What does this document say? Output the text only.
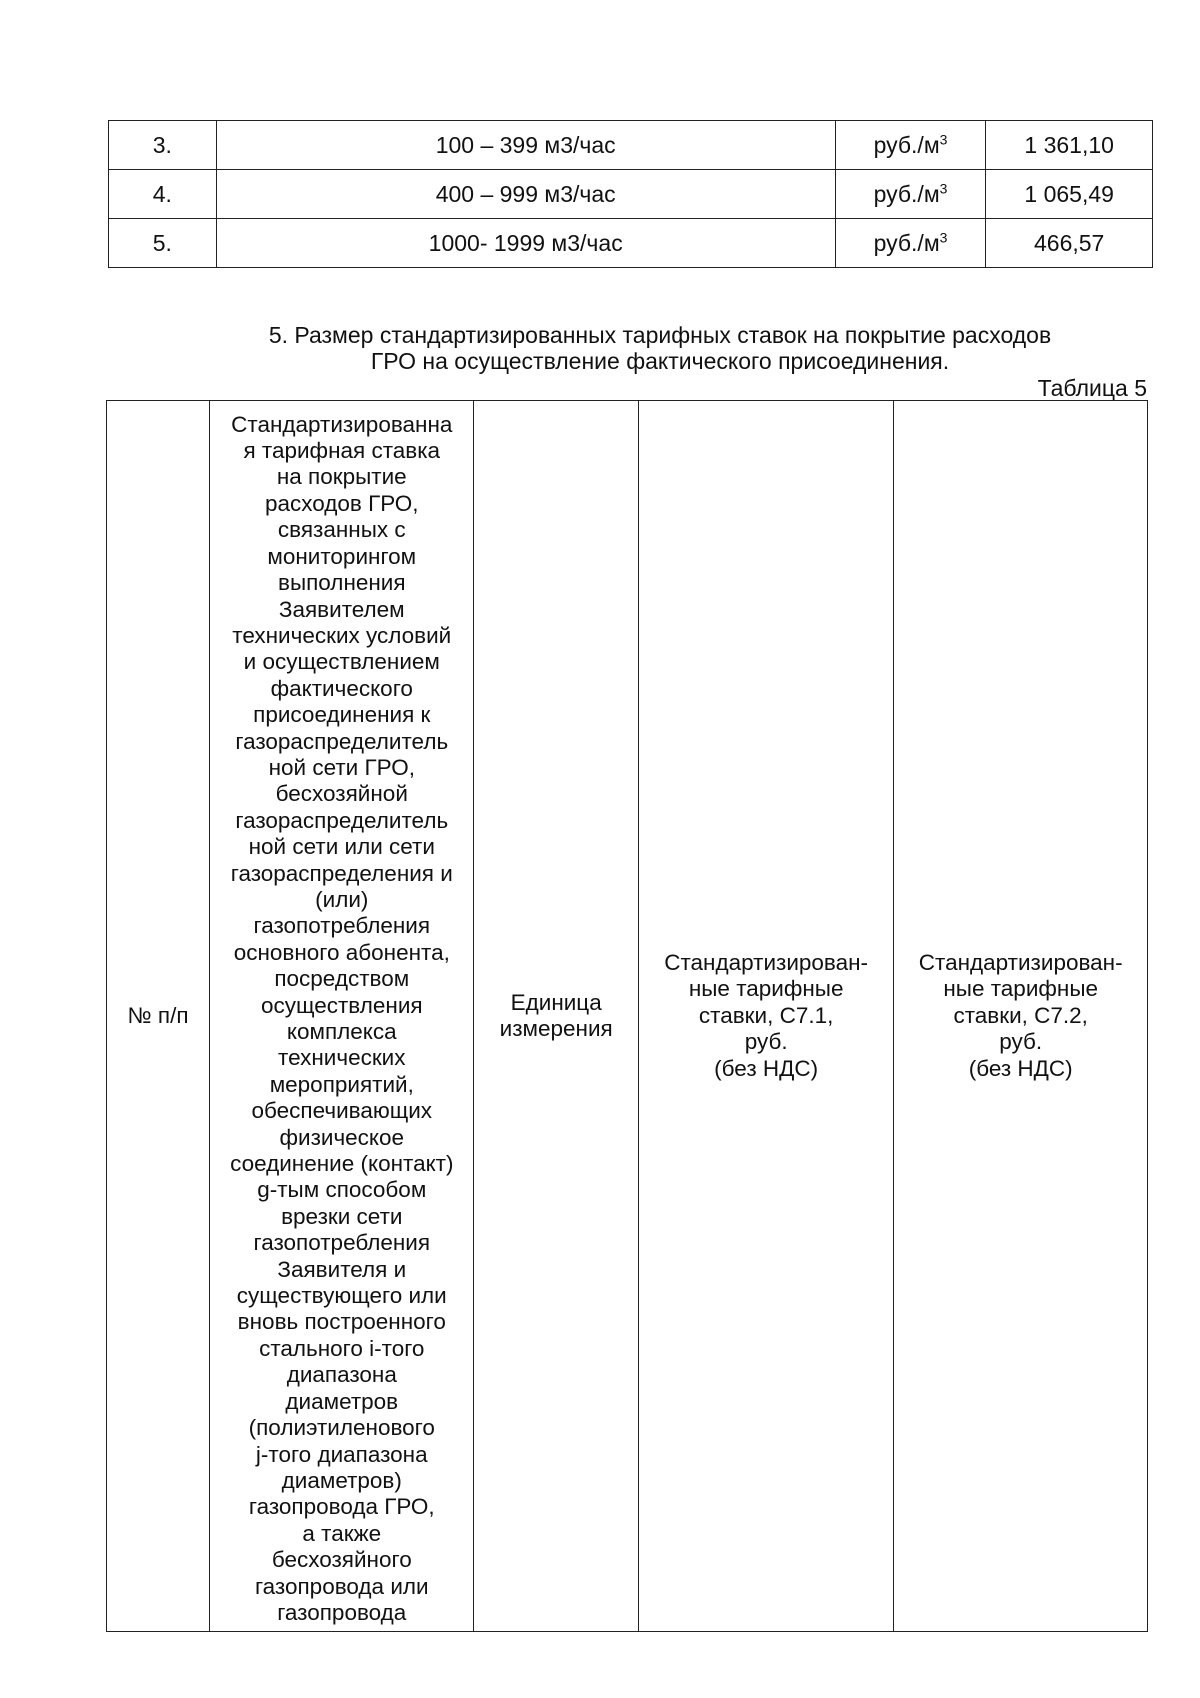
3.	100 – 399 м3/час	$руб./м^3$	1 361,10
4.	400 – 999 м3/час	$руб./м^3$	1 065,49
5.	1000- 1999 м3/час	$руб./м^3$	466,57
5. Размер стандартизированных тарифных ставок на покрытие расходов
ГРО на осуществление фактического присоединения.
Таблица 5
№ п/п	Стандартизированна
я тарифная ставка
на покрытие
расходов ГРО,
связанных с
мониторингом
выполнения
Заявителем
технических условий
и осуществлением
фактического
присоединения к
газораспределитель
ной сети ГРО,
бесхозяйной
газораспределитель
ной сети или сети
газораспределения и
(или)
газопотребления
основного абонента,
посредством
осуществления
комплекса
технических
мероприятий,
обеспечивающих
физическое
соединение (контакт)
g-тым способом
врезки сети
газопотребления
Заявителя и
существующего или
вновь построенного
стального i-того
диапазона
диаметров
(полиэтиленового
j-того диапазона
диаметров)
газопровода ГРО,
а также
бесхозяйного
газопровода или
газопровода	Единица
измерения	Стандартизирован-
ные тарифные
ставки, С7.1,
руб.
(без НДС)	Стандартизирован-
ные тарифные
ставки, С7.2,
руб.
(без НДС)
